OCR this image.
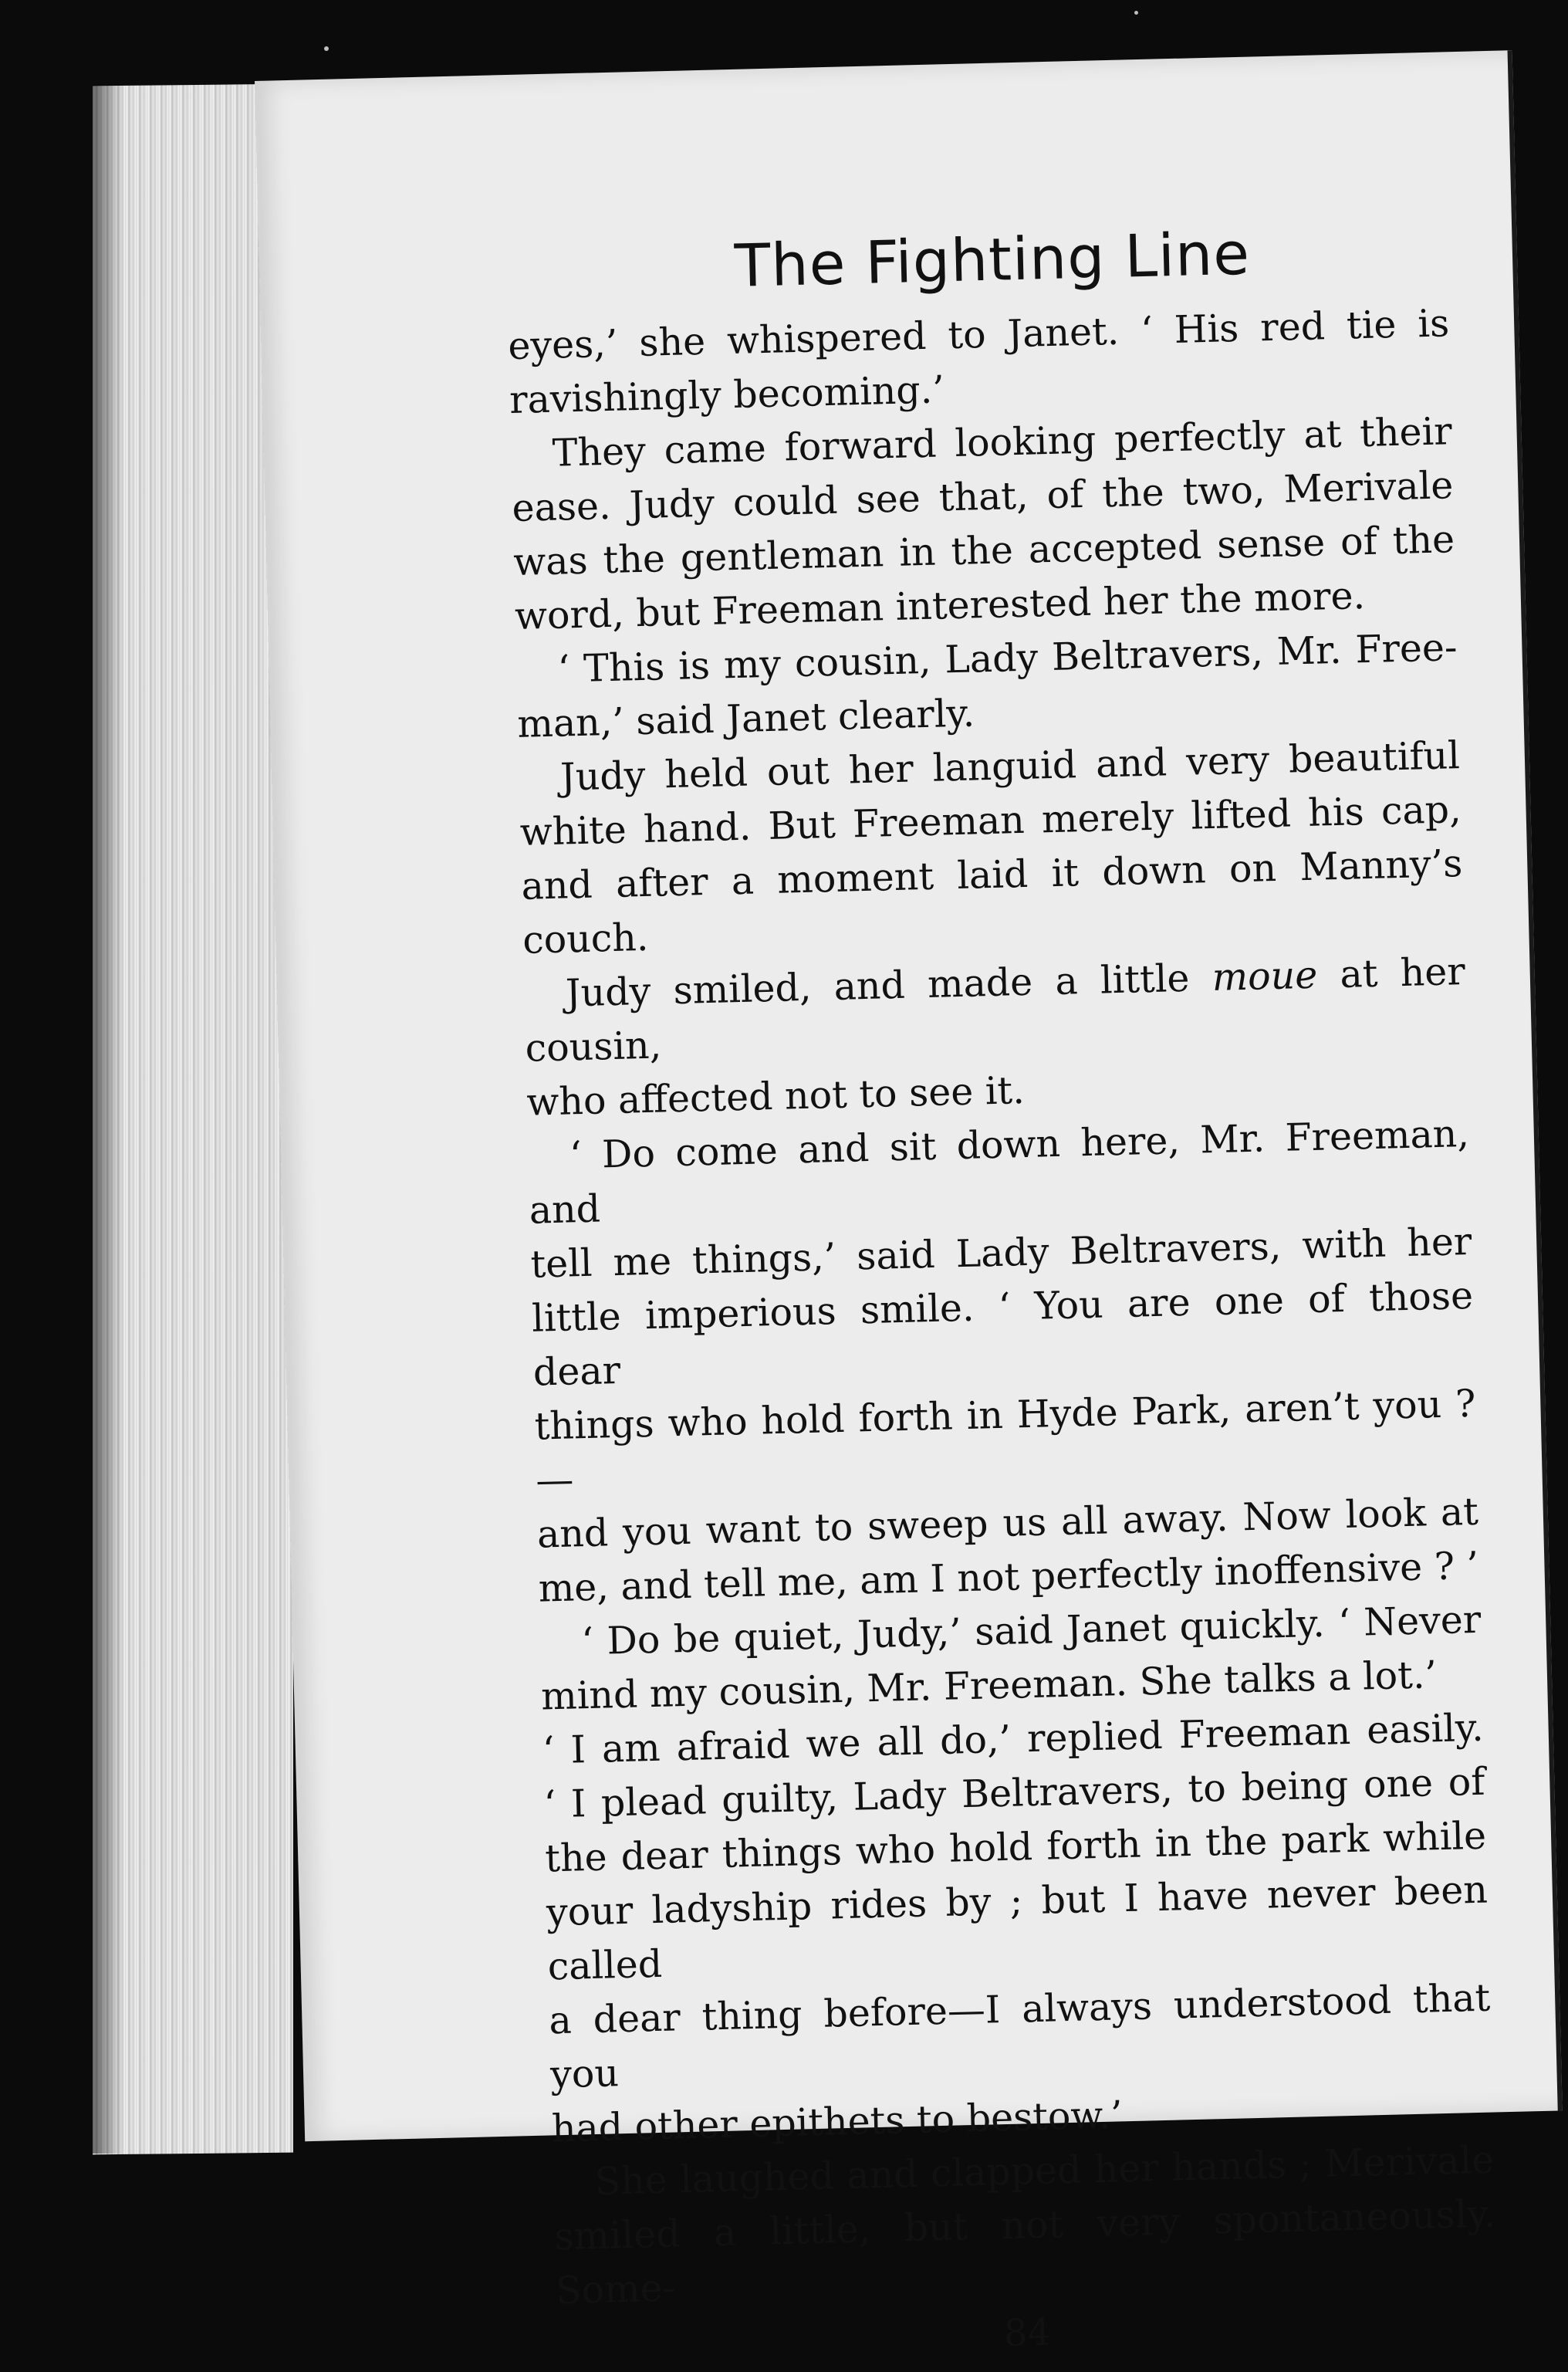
The Fighting Line

eyes,’ she whispered to Janet. ‘ His red tie is

ravishingly becoming.’

They came forward looking perfectly at their

ease. Judy could see that, of the two, Merivale

was the gentleman in the accepted sense of the

word, but Freeman interested her the more.

‘ This is my cousin, Lady Beltravers, Mr. Free-

man,’ said Janet clearly.

Judy held out her languid and very beautiful

white hand. But Freeman merely lifted his cap,

and after a moment laid it down on Manny’s couch.

Judy smiled, and made a little moue at her cousin,

who affected not to see it.

‘ Do come and sit down here, Mr. Freeman, and

tell me things,’ said Lady Beltravers, with her

little imperious smile. ‘ You are one of those dear

things who hold forth in Hyde Park, aren’t you ?—

and you want to sweep us all away. Now look at

me, and tell me, am I not perfectly inoffensive ? ’

‘ Do be quiet, Judy,’ said Janet quickly. ‘ Never

mind my cousin, Mr. Freeman. She talks a lot.’

‘ I am afraid we all do,’ replied Freeman easily.

‘ I plead guilty, Lady Beltravers, to being one of

the dear things who hold forth in the park while

your ladyship rides by ; but I have never been called

a dear thing before—I always understood that you

had other epithets to bestow.’

She laughed and clapped her hands ; Merivale

smiled a little, but not very spontaneously. Some-

84
